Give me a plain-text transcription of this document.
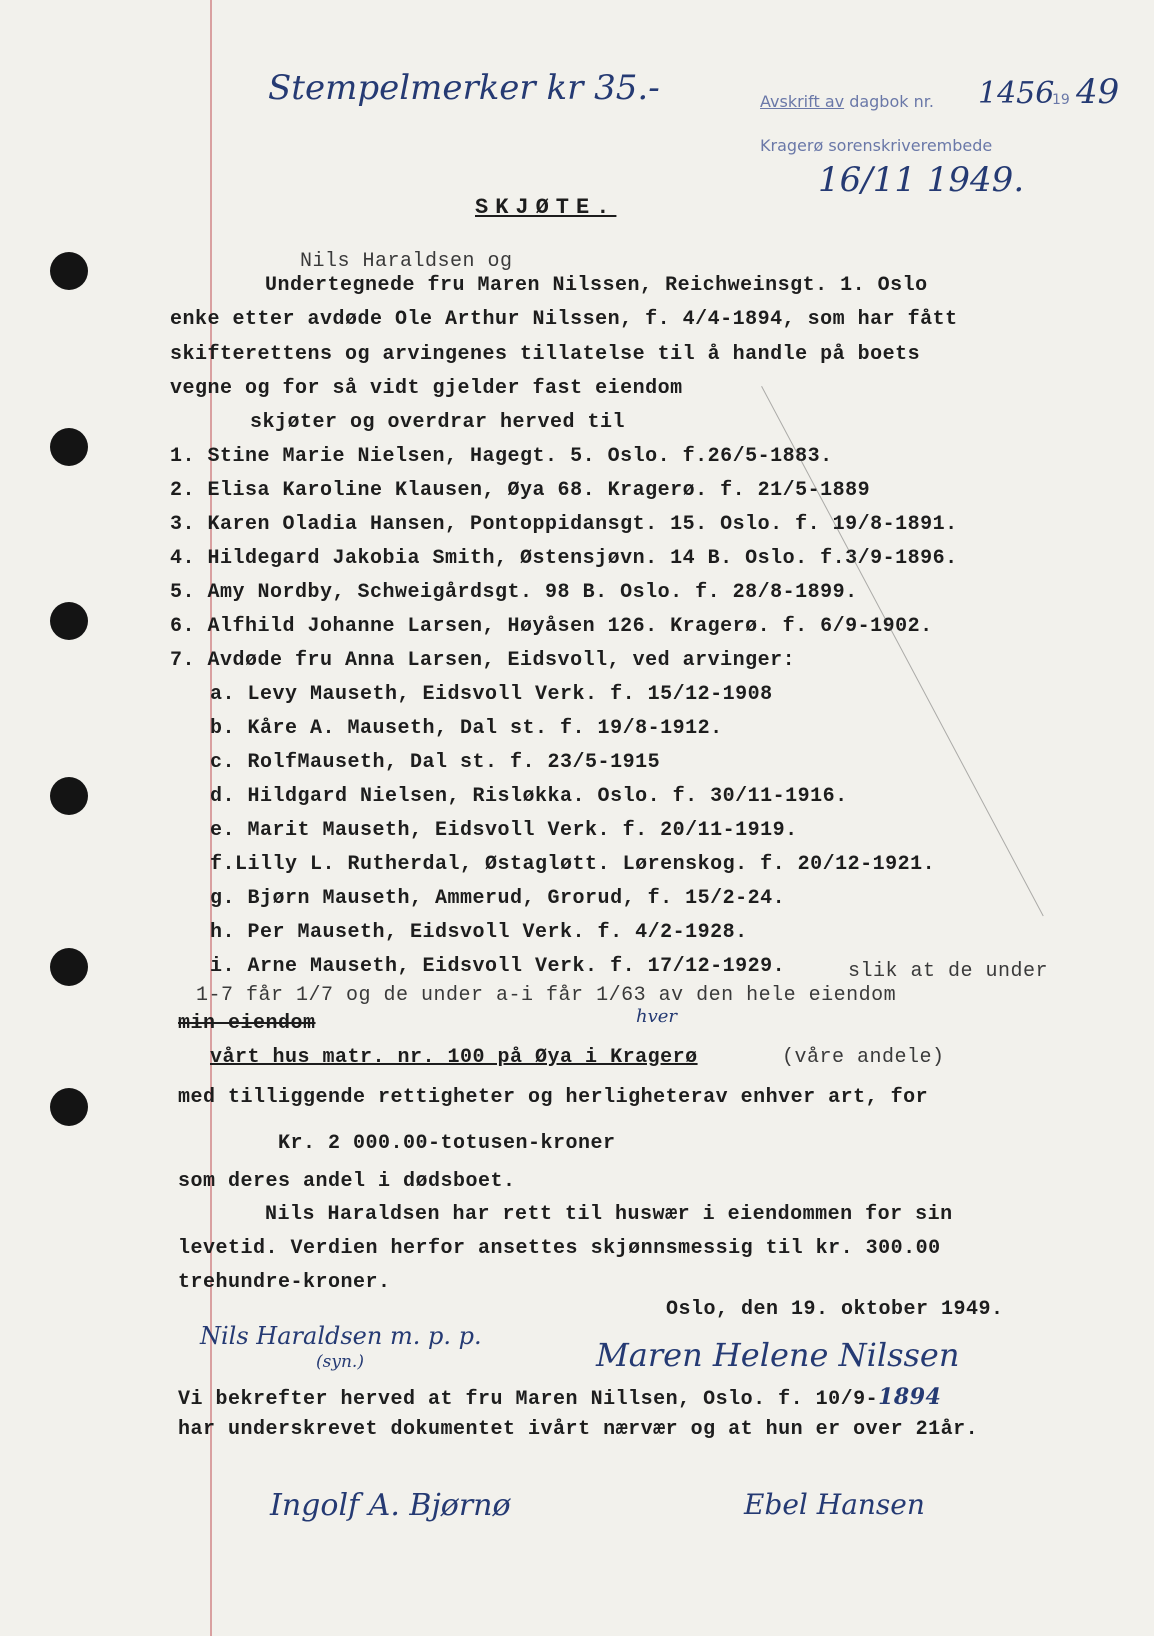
Stempelmerker kr 35.-	Avskrift av dagbok nr. 1456
19 49
Kragerø sorenskriverembede
16/11 1949.
SKJØTE.
Nils Haraldsen og
Undertegnede fru Maren Nilssen, Reichweinsgt. 1. Oslo
enke etter avdøde Ole Arthur Nilssen, f. 4/4-1894, som har fått
skifterettens og arvingenes tillatelse til å handle på boets
vegne og for så vidt gjelder fast eiendom
skjøter og overdrar herved til
1. Stine Marie Nielsen, Hagegt. 5. Oslo. f.26/5-1883.
2. Elisa Karoline Klausen, Øya 68. Kragerø. f. 21/5-1889
3. Karen Oladia Hansen, Pontoppidansgt. 15. Oslo. f. 19/8-1891.
4. Hildegard Jakobia Smith, Østensjøvn. 14 B. Oslo. f.3/9-1896.
5. Amy Nordby, Schweigårdsgt. 98 B. Oslo. f. 28/8-1899.
6. Alfhild Johanne Larsen, Høyåsen 126. Kragerø. f. 6/9-1902.
7. Avdøde fru Anna Larsen, Eidsvoll, ved arvinger:
a. Levy Mauseth, Eidsvoll Verk. f. 15/12-1908
b. Kåre A. Mauseth, Dal st. f. 19/8-1912.
c. RolfMauseth, Dal st. f. 23/5-1915
d. Hildgard Nielsen, Risløkka. Oslo. f. 30/11-1916.
e. Marit Mauseth, Eidsvoll Verk. f. 20/11-1919.
f.Lilly L. Rutherdal, Østagløtt. Lørenskog. f. 20/12-1921.
g. Bjørn Mauseth, Ammerud, Grorud, f. 15/2-24.
h. Per Mauseth, Eidsvoll Verk. f. 4/2-1928.
i. Arne Mauseth, Eidsvoll Verk. f. 17/12-1929.	slik at de under
1-7 får 1/7 og de under a-i får 1/63 av den hele eiendom
hver
min eiendom
vårt hus matr. nr. 100 på Øya i Kragerø	(våre andele)
med tilliggende rettigheter og herligheterav enhver art, for
Kr. 2 000.00-totusen-kroner
som deres andel i dødsboet.
Nils Haraldsen har rett til huswær i eiendommen for sin
levetid. Verdien herfor ansettes skjønnsmessig til kr. 300.00
trehundre-kroner.
Oslo, den 19. oktober 1949.
Nils Haraldsen m. p. p.
(syn.)	Maren Helene Nilssen
Vi bekrefter herved at fru Maren Nillsen, Oslo. f. 10/9-1894
har underskrevet dokumentet ivårt nærvær og at hun er over 21år.
Ingolf A. Bjørnø	Ebel Hansen
